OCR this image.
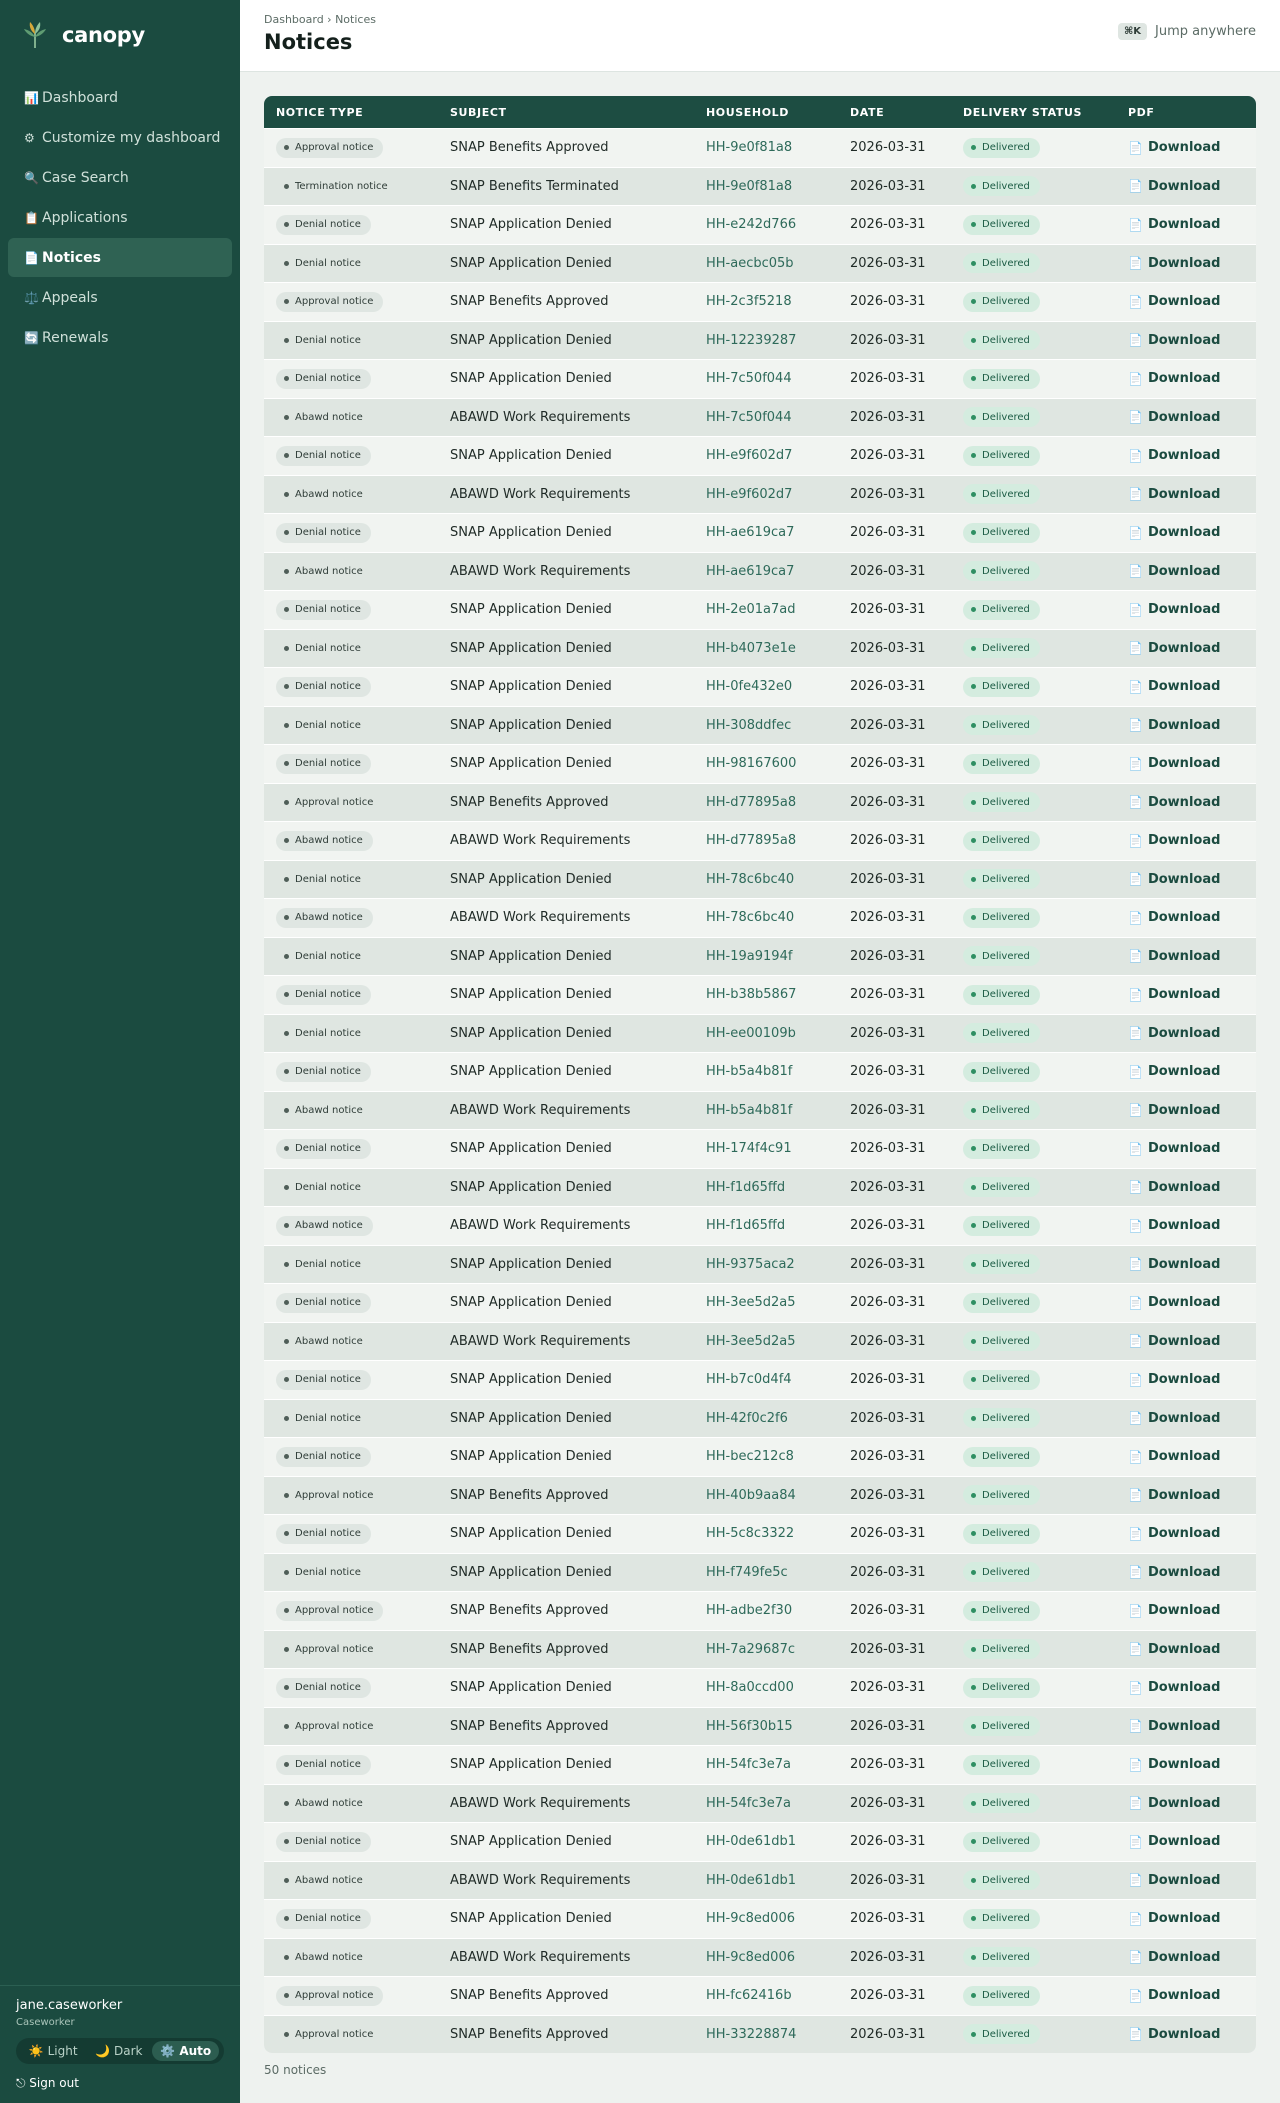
canopy
📊 Dashboard
⚙ Customize my dashboard
🔍 Case Search
📋 Applications
📄 Notices
⚖️ Appeals
🔄 Renewals
jane.caseworker
Caseworker
☀️ Light	🌙 Dark	⚙️ Auto
⎋ Sign out
Dashboard › Notices
Notices	⌘K	Jump anywhere
NOTICE TYPE	SUBJECT	HOUSEHOLD	DATE	DELIVERY STATUS	PDF
Approval notice	SNAP Benefits Approved	HH-9e0f81a8	2026-03-31	Delivered	📄 Download
Termination notice	SNAP Benefits Terminated	HH-9e0f81a8	2026-03-31	Delivered	📄 Download
Denial notice	SNAP Application Denied	HH-e242d766	2026-03-31	Delivered	📄 Download
Denial notice	SNAP Application Denied	HH-aecbc05b	2026-03-31	Delivered	📄 Download
Approval notice	SNAP Benefits Approved	HH-2c3f5218	2026-03-31	Delivered	📄 Download
Denial notice	SNAP Application Denied	HH-12239287	2026-03-31	Delivered	📄 Download
Denial notice	SNAP Application Denied	HH-7c50f044	2026-03-31	Delivered	📄 Download
Abawd notice	ABAWD Work Requirements	HH-7c50f044	2026-03-31	Delivered	📄 Download
Denial notice	SNAP Application Denied	HH-e9f602d7	2026-03-31	Delivered	📄 Download
Abawd notice	ABAWD Work Requirements	HH-e9f602d7	2026-03-31	Delivered	📄 Download
Denial notice	SNAP Application Denied	HH-ae619ca7	2026-03-31	Delivered	📄 Download
Abawd notice	ABAWD Work Requirements	HH-ae619ca7	2026-03-31	Delivered	📄 Download
Denial notice	SNAP Application Denied	HH-2e01a7ad	2026-03-31	Delivered	📄 Download
Denial notice	SNAP Application Denied	HH-b4073e1e	2026-03-31	Delivered	📄 Download
Denial notice	SNAP Application Denied	HH-0fe432e0	2026-03-31	Delivered	📄 Download
Denial notice	SNAP Application Denied	HH-308ddfec	2026-03-31	Delivered	📄 Download
Denial notice	SNAP Application Denied	HH-98167600	2026-03-31	Delivered	📄 Download
Approval notice	SNAP Benefits Approved	HH-d77895a8	2026-03-31	Delivered	📄 Download
Abawd notice	ABAWD Work Requirements	HH-d77895a8	2026-03-31	Delivered	📄 Download
Denial notice	SNAP Application Denied	HH-78c6bc40	2026-03-31	Delivered	📄 Download
Abawd notice	ABAWD Work Requirements	HH-78c6bc40	2026-03-31	Delivered	📄 Download
Denial notice	SNAP Application Denied	HH-19a9194f	2026-03-31	Delivered	📄 Download
Denial notice	SNAP Application Denied	HH-b38b5867	2026-03-31	Delivered	📄 Download
Denial notice	SNAP Application Denied	HH-ee00109b	2026-03-31	Delivered	📄 Download
Denial notice	SNAP Application Denied	HH-b5a4b81f	2026-03-31	Delivered	📄 Download
Abawd notice	ABAWD Work Requirements	HH-b5a4b81f	2026-03-31	Delivered	📄 Download
Denial notice	SNAP Application Denied	HH-174f4c91	2026-03-31	Delivered	📄 Download
Denial notice	SNAP Application Denied	HH-f1d65ffd	2026-03-31	Delivered	📄 Download
Abawd notice	ABAWD Work Requirements	HH-f1d65ffd	2026-03-31	Delivered	📄 Download
Denial notice	SNAP Application Denied	HH-9375aca2	2026-03-31	Delivered	📄 Download
Denial notice	SNAP Application Denied	HH-3ee5d2a5	2026-03-31	Delivered	📄 Download
Abawd notice	ABAWD Work Requirements	HH-3ee5d2a5	2026-03-31	Delivered	📄 Download
Denial notice	SNAP Application Denied	HH-b7c0d4f4	2026-03-31	Delivered	📄 Download
Denial notice	SNAP Application Denied	HH-42f0c2f6	2026-03-31	Delivered	📄 Download
Denial notice	SNAP Application Denied	HH-bec212c8	2026-03-31	Delivered	📄 Download
Approval notice	SNAP Benefits Approved	HH-40b9aa84	2026-03-31	Delivered	📄 Download
Denial notice	SNAP Application Denied	HH-5c8c3322	2026-03-31	Delivered	📄 Download
Denial notice	SNAP Application Denied	HH-f749fe5c	2026-03-31	Delivered	📄 Download
Approval notice	SNAP Benefits Approved	HH-adbe2f30	2026-03-31	Delivered	📄 Download
Approval notice	SNAP Benefits Approved	HH-7a29687c	2026-03-31	Delivered	📄 Download
Denial notice	SNAP Application Denied	HH-8a0ccd00	2026-03-31	Delivered	📄 Download
Approval notice	SNAP Benefits Approved	HH-56f30b15	2026-03-31	Delivered	📄 Download
Denial notice	SNAP Application Denied	HH-54fc3e7a	2026-03-31	Delivered	📄 Download
Abawd notice	ABAWD Work Requirements	HH-54fc3e7a	2026-03-31	Delivered	📄 Download
Denial notice	SNAP Application Denied	HH-0de61db1	2026-03-31	Delivered	📄 Download
Abawd notice	ABAWD Work Requirements	HH-0de61db1	2026-03-31	Delivered	📄 Download
Denial notice	SNAP Application Denied	HH-9c8ed006	2026-03-31	Delivered	📄 Download
Abawd notice	ABAWD Work Requirements	HH-9c8ed006	2026-03-31	Delivered	📄 Download
Approval notice	SNAP Benefits Approved	HH-fc62416b	2026-03-31	Delivered	📄 Download
Approval notice	SNAP Benefits Approved	HH-33228874	2026-03-31	Delivered	📄 Download
50 notices
